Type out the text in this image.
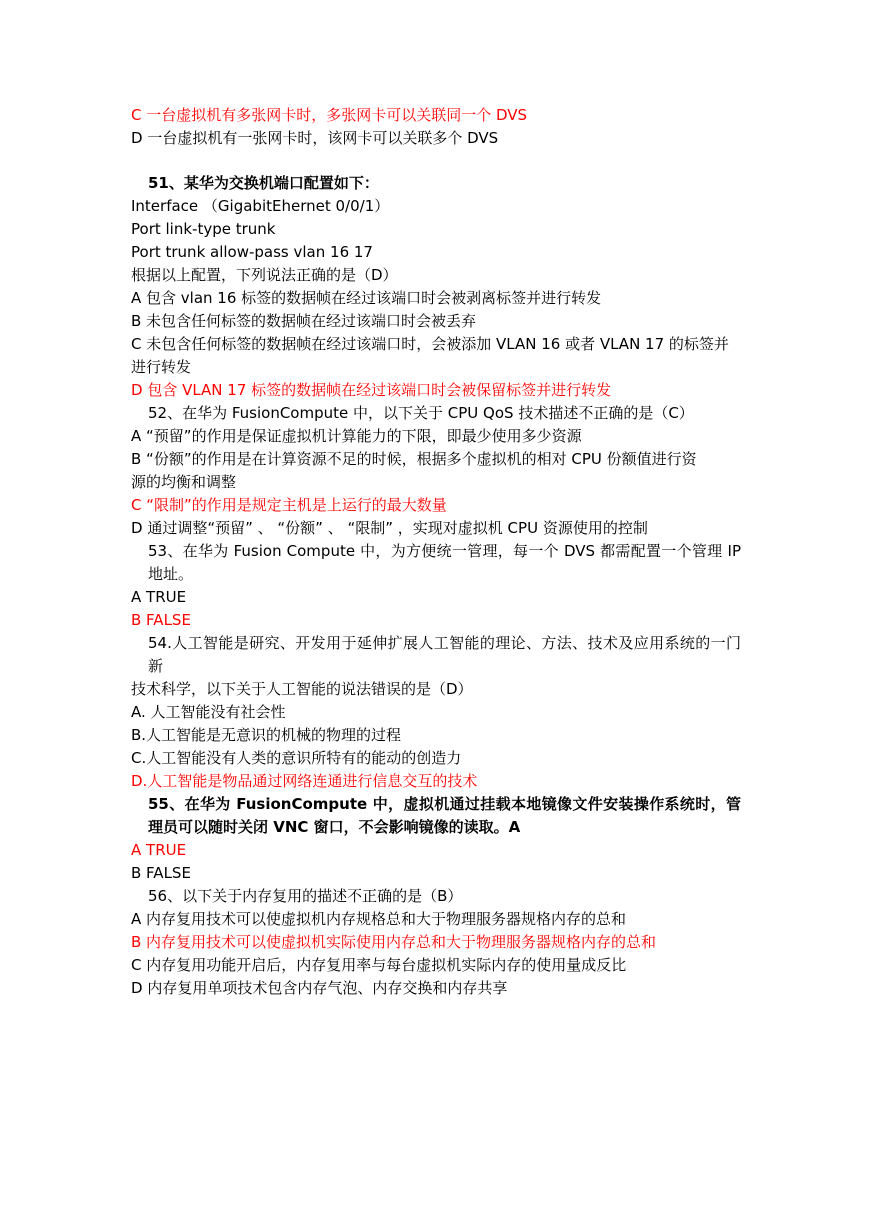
C 一台虚拟机有多张网卡时，多张网卡可以关联同一个 DVS
D 一台虚拟机有一张网卡时，该网卡可以关联多个 DVS
51、某华为交换机端口配置如下：
Interface （GigabitEhernet 0/0/1）
Port link-type trunk
Port trunk allow-pass vlan 16 17
根据以上配置，下列说法正确的是（D）
A 包含 vlan 16 标签的数据帧在经过该端口时会被剥离标签并进行转发
B 未包含任何标签的数据帧在经过该端口时会被丢弃
C 未包含任何标签的数据帧在经过该端口时，会被添加 VLAN 16 或者 VLAN 17 的标签并
进行转发
D 包含 VLAN 17 标签的数据帧在经过该端口时会被保留标签并进行转发
52、在华为 FusionCompute 中，以下关于 CPU QoS 技术描述不正确的是（C）
A “预留”的作用是保证虚拟机计算能力的下限，即最少使用多少资源
B “份额”的作用是在计算资源不足的时候，根据多个虚拟机的相对 CPU 份额值进行资
源的均衡和调整
C “限制”的作用是规定主机是上运行的最大数量
D 通过调整“预留” 、 “份额” 、 “限制” ，实现对虚拟机 CPU 资源使用的控制
53、在华为 Fusion Compute 中，为方便统一管理，每一个 DVS 都需配置一个管理 IP 地址。
A TRUE
B FALSE
54.人工智能是研究、开发用于延伸扩展人工智能的理论、方法、技术及应用系统的一门新
技术科学，以下关于人工智能的说法错误的是（D）
A. 人工智能没有社会性
B.人工智能是无意识的机械的物理的过程
C.人工智能没有人类的意识所特有的能动的创造力
D.人工智能是物品通过网络连通进行信息交互的技术
55、在华为 FusionCompute 中，虚拟机通过挂载本地镜像文件安装操作系统时，管理员可以随时关闭 VNC 窗口，不会影响镜像的读取。A
A TRUE
B FALSE
56、以下关于内存复用的描述不正确的是（B）
A 内存复用技术可以使虚拟机内存规格总和大于物理服务器规格内存的总和
B 内存复用技术可以使虚拟机实际使用内存总和大于物理服务器规格内存的总和
C 内存复用功能开启后，内存复用率与每台虚拟机实际内存的使用量成反比
D 内存复用单项技术包含内存气泡、内存交换和内存共享
